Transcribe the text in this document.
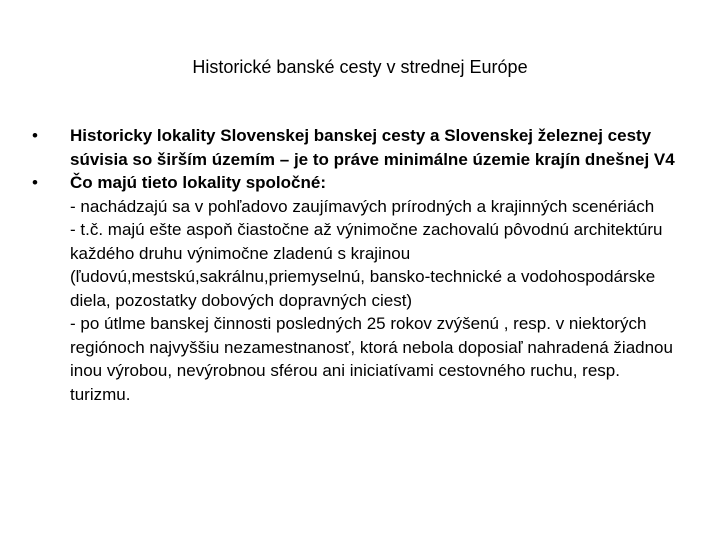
Historické banské cesty v strednej Európe
•	Historicky lokality Slovenskej banskej cesty a Slovenskej železnej cesty súvisia so širším územím – je to práve minimálne územie krajín dnešnej V4
•	Čo majú tieto lokality spoločné:
- nachádzajú sa v pohľadovo zaujímavých prírodných a krajinných scenériách
- t.č. majú ešte aspoň čiastočne až výnimočne zachovalú pôvodnú architektúru každého druhu výnimočne zladenú s krajinou (ľudovú,mestskú,sakrálnu,priemyselnú, bansko-technické a vodohospodárske diela, pozostatky dobových dopravných ciest)
- po útlme banskej činnosti posledných 25 rokov zvýšenú , resp. v niektorých regiónoch najvyššiu nezamestnanosť, ktorá nebola doposiaľ nahradená žiadnou inou výrobou, nevýrobnou sférou ani iniciatívami cestovného ruchu, resp. turizmu.
